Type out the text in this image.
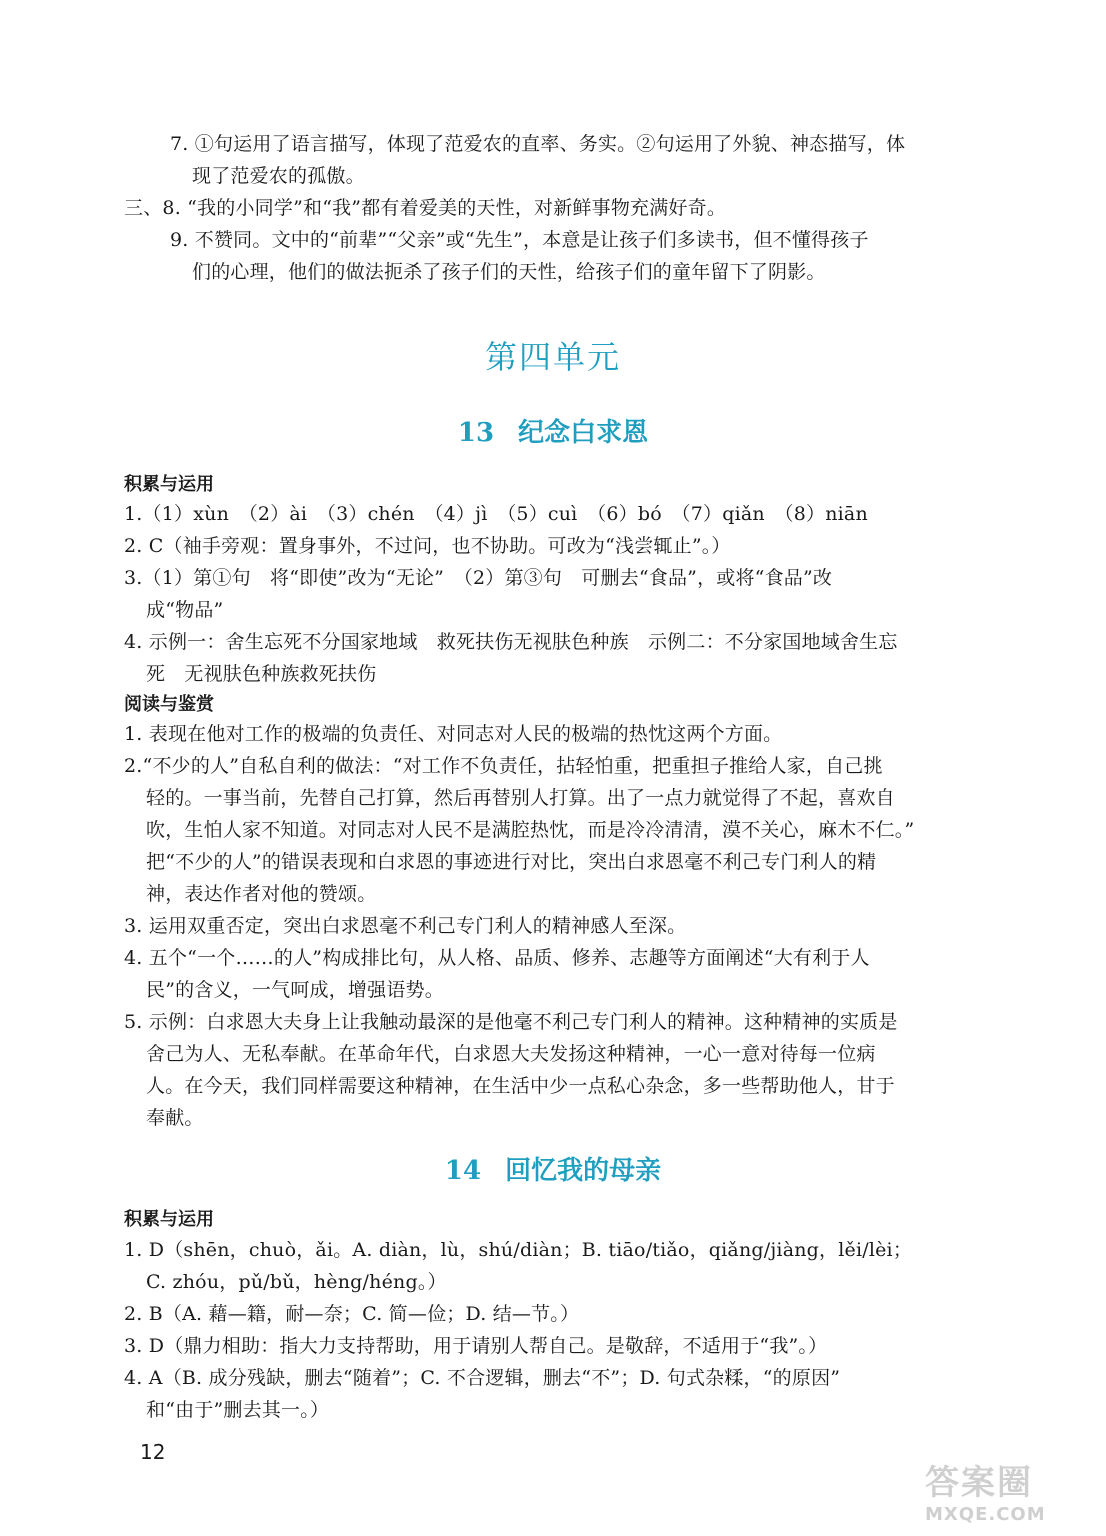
7. ①句运用了语言描写，体现了范爱农的直率、务实。②句运用了外貌、神态描写，体
现了范爱农的孤傲。
三、8. “我的小同学”和“我”都有着爱美的天性，对新鲜事物充满好奇。
9. 不赞同。文中的“前辈”“父亲”或“先生”，本意是让孩子们多读书，但不懂得孩子
们的心理，他们的做法扼杀了孩子们的天性，给孩子们的童年留下了阴影。
第四单元
13 纪念白求恩
积累与运用
1.（1）xùn　（2）ài　（3）chén　（4）jì　（5）cuì　（6）bó　（7）qiǎn　（8）niān
2. C（袖手旁观：置身事外，不过问，也不协助。可改为“浅尝辄止”。）
3.（1）第①句　将“即使”改为“无论”　（2）第③句　可删去“食品”，或将“食品”改
成“物品”
4. 示例一：舍生忘死不分国家地域　救死扶伤无视肤色种族　示例二：不分家国地域舍生忘
死　无视肤色种族救死扶伤
阅读与鉴赏
1. 表现在他对工作的极端的负责任、对同志对人民的极端的热忱这两个方面。
2.“不少的人”自私自利的做法：“对工作不负责任，拈轻怕重，把重担子推给人家，自己挑
轻的。一事当前，先替自己打算，然后再替别人打算。出了一点力就觉得了不起，喜欢自
吹，生怕人家不知道。对同志对人民不是满腔热忱，而是冷冷清清，漠不关心，麻木不仁。”
把“不少的人”的错误表现和白求恩的事迹进行对比，突出白求恩毫不利己专门利人的精
神，表达作者对他的赞颂。
3. 运用双重否定，突出白求恩毫不利己专门利人的精神感人至深。
4. 五个“一个……的人”构成排比句，从人格、品质、修养、志趣等方面阐述“大有利于人
民”的含义，一气呵成，增强语势。
5. 示例：白求恩大夫身上让我触动最深的是他毫不利己专门利人的精神。这种精神的实质是
舍己为人、无私奉献。在革命年代，白求恩大夫发扬这种精神，一心一意对待每一位病
人。在今天，我们同样需要这种精神，在生活中少一点私心杂念，多一些帮助他人，甘于
奉献。
14 回忆我的母亲
积累与运用
1. D（shēn，chuò，ǎi。A. diàn，lù，shú/diàn；B. tiāo/tiǎo，qiǎng/jiàng，lěi/lèi；
C. zhóu，pǔ/bǔ，hèng/héng。）
2. B（A. 藉—籍，耐—奈；C. 简—俭；D. 结—节。）
3. D（鼎力相助：指大力支持帮助，用于请别人帮自己。是敬辞，不适用于“我”。）
4. A（B. 成分残缺，删去“随着”；C. 不合逻辑，删去“不”；D. 句式杂糅，“的原因”
和“由于”删去其一。）
12
答案圈
MXQE.COM
